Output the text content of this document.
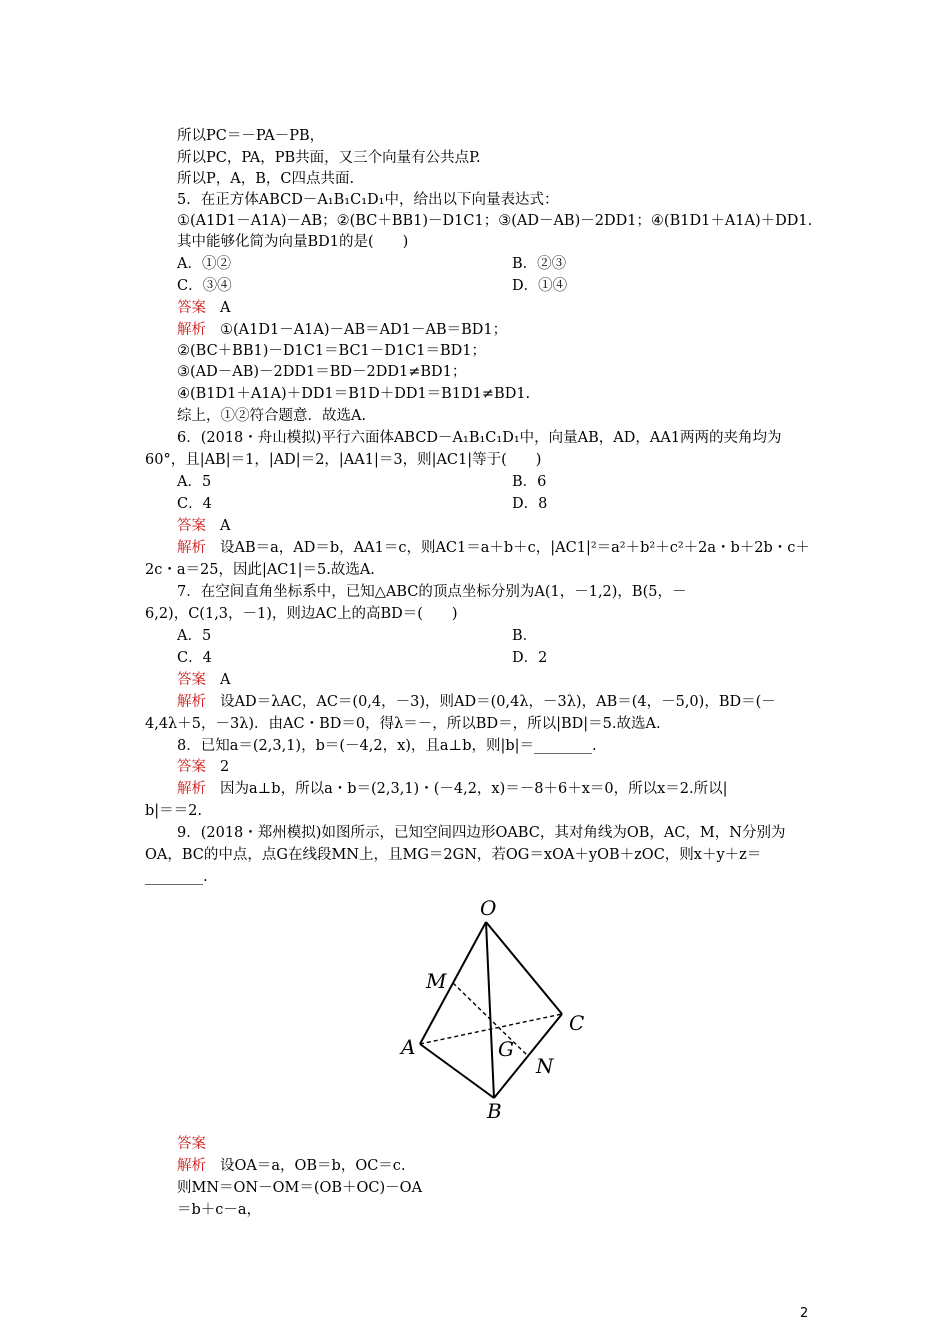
所以PC＝－PA－PB，
所以PC，PA，PB共面，又三个向量有公共点P.
所以P，A，B，C四点共面.
5．在正方体ABCD－A₁B₁C₁D₁中，给出以下向量表达式：
①(A1D1－A1A)－AB；②(BC＋BB1)－D1C1；③(AD－AB)－2DD1；④(B1D1＋A1A)＋DD1.
其中能够化简为向量BD1的是(　　)
A．①②	B．②③
C．③④	D．①④
答案 A
解析 ①(A1D1－A1A)－AB＝AD1－AB＝BD1；
②(BC＋BB1)－D1C1＝BC1－D1C1＝BD1；
③(AD－AB)－2DD1＝BD－2DD1≠BD1；
④(B1D1＋A1A)＋DD1＝B1D＋DD1＝B1D1≠BD1.
综上，①②符合题意．故选A.
6．(2018・舟山模拟)平行六面体ABCD－A₁B₁C₁D₁中，向量AB，AD，AA1两两的夹角均为
60°，且|AB|＝1，|AD|＝2，|AA1|＝3，则|AC1|等于(　　)
A．5	B．6
C．4	D．8
答案 A
解析 设AB＝a，AD＝b，AA1＝c，则AC1＝a＋b＋c，|AC1|²＝a²＋b²＋c²＋2a・b＋2b・c＋
2c・a＝25，因此|AC1|＝5.故选A.
7．在空间直角坐标系中，已知△ABC的顶点坐标分别为A(1，－1,2)，B(5，－
6,2)，C(1,3，－1)，则边AC上的高BD＝(　　)
A．5	B．
C．4	D．2
答案 A
解析 设AD＝λAC，AC＝(0,4，－3)，则AD＝(0,4λ，－3λ)，AB＝(4，－5,0)，BD＝(－
4,4λ＋5，－3λ)．由AC・BD＝0，得λ＝－，所以BD＝，所以|BD|＝5.故选A.
8．已知a＝(2,3,1)，b＝(－4,2，x)，且a⊥b，则|b|＝________.
答案 2
解析 因为a⊥b，所以a・b＝(2,3,1)・(－4,2，x)＝－8＋6＋x＝0，所以x＝2.所以|
b|＝＝2.
9．(2018・郑州模拟)如图所示，已知空间四边形OABC，其对角线为OB，AC，M，N分别为
OA，BC的中点，点G在线段MN上，且MG＝2GN，若OG＝xOA＋yOB＋zOC，则x＋y＋z＝
________.
O
M
A	G
C
N
B
答案
解析 设OA＝a，OB＝b，OC＝c.
则MN＝ON－OM＝(OB＋OC)－OA
＝b＋c－a，
2
